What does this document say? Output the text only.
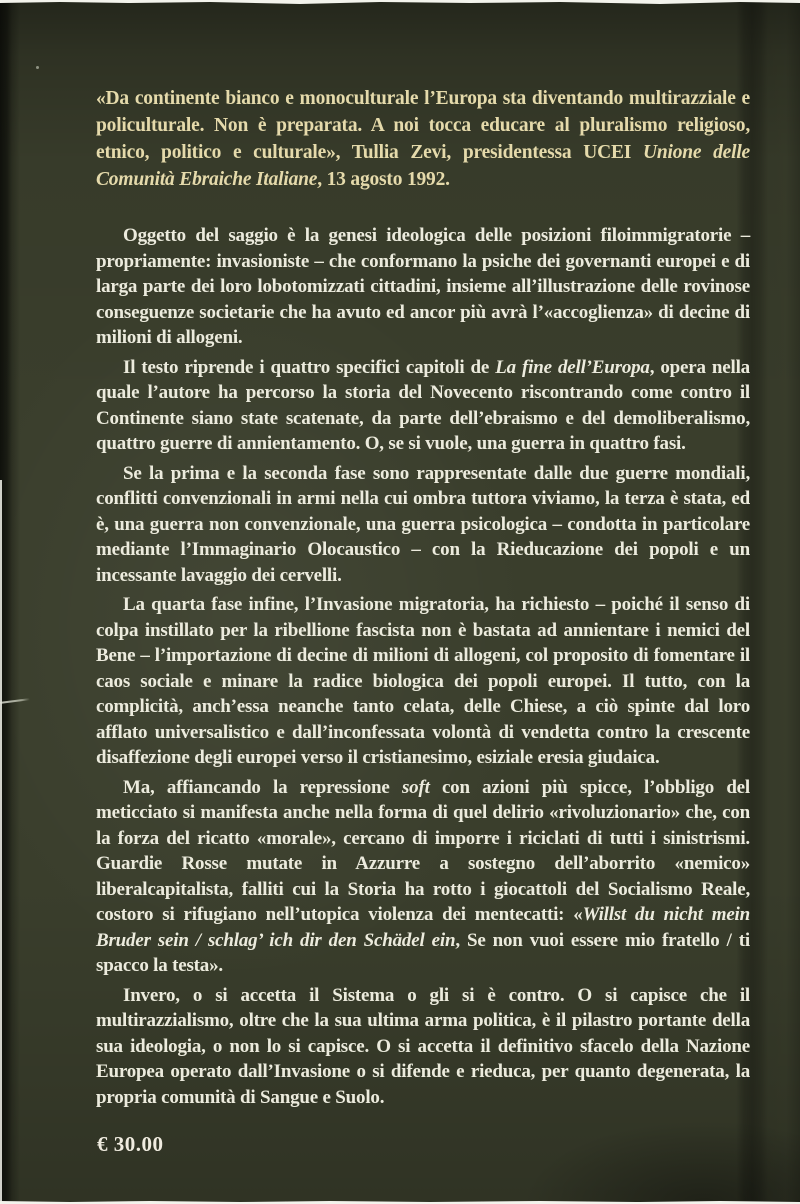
«Da continente bianco e monoculturale l’Europa sta diventando multirazziale e policulturale. Non è preparata. A noi tocca educare al pluralismo religioso, etnico, politico e culturale», Tullia Zevi, presidentessa UCEI Unione delle Comunità Ebraiche Italiane, 13 agosto 1992.

Oggetto del saggio è la genesi ideologica delle posizioni filoimmigratorie – propriamente: invasioniste – che conformano la psiche dei governanti europei e di larga parte dei loro lobotomizzati cittadini, insieme all’illustrazione delle rovinose conseguenze societarie che ha avuto ed ancor più avrà l’«accoglienza» di decine di milioni di allogeni.

Il testo riprende i quattro specifici capitoli de La fine dell’Europa, opera nella quale l’autore ha percorso la storia del Novecento riscontrando come contro il Continente siano state scatenate, da parte dell’ebraismo e del demoliberalismo, quattro guerre di annientamento. O, se si vuole, una guerra in quattro fasi.

Se la prima e la seconda fase sono rappresentate dalle due guerre mondiali, conflitti convenzionali in armi nella cui ombra tuttora viviamo, la terza è stata, ed è, una guerra non convenzionale, una guerra psicologica – condotta in particolare mediante l’Immaginario Olocaustico – con la Rieducazione dei popoli e un incessante lavaggio dei cervelli.

La quarta fase infine, l’Invasione migratoria, ha richiesto – poiché il senso di colpa instillato per la ribellione fascista non è bastata ad annientare i nemici del Bene – l’importazione di decine di milioni di allogeni, col proposito di fomentare il caos sociale e minare la radice biologica dei popoli europei. Il tutto, con la complicità, anch’essa neanche tanto celata, delle Chiese, a ciò spinte dal loro afflato universalistico e dall’inconfessata volontà di vendetta contro la crescente disaffezione degli europei verso il cristianesimo, esiziale eresia giudaica.

Ma, affiancando la repressione soft con azioni più spicce, l’obbligo del meticciato si manifesta anche nella forma di quel delirio «rivoluzionario» che, con la forza del ricatto «morale», cercano di imporre i riciclati di tutti i sinistrismi. Guardie Rosse mutate in Azzurre a sostegno dell’aborrito «nemico» liberalcapitalista, falliti cui la Storia ha rotto i giocattoli del Socialismo Reale, costoro si rifugiano nell’utopica violenza dei mentecatti: «Willst du nicht mein Bruder sein / schlag’ ich dir den Schädel ein, Se non vuoi essere mio fratello / ti spacco la testa».

Invero, o si accetta il Sistema o gli si è contro. O si capisce che il multirazzialismo, oltre che la sua ultima arma politica, è il pilastro portante della sua ideologia, o non lo si capisce. O si accetta il definitivo sfacelo della Nazione Europea operato dall’Invasione o si difende e rieduca, per quanto degenerata, la propria comunità di Sangue e Suolo.

€ 30.00
